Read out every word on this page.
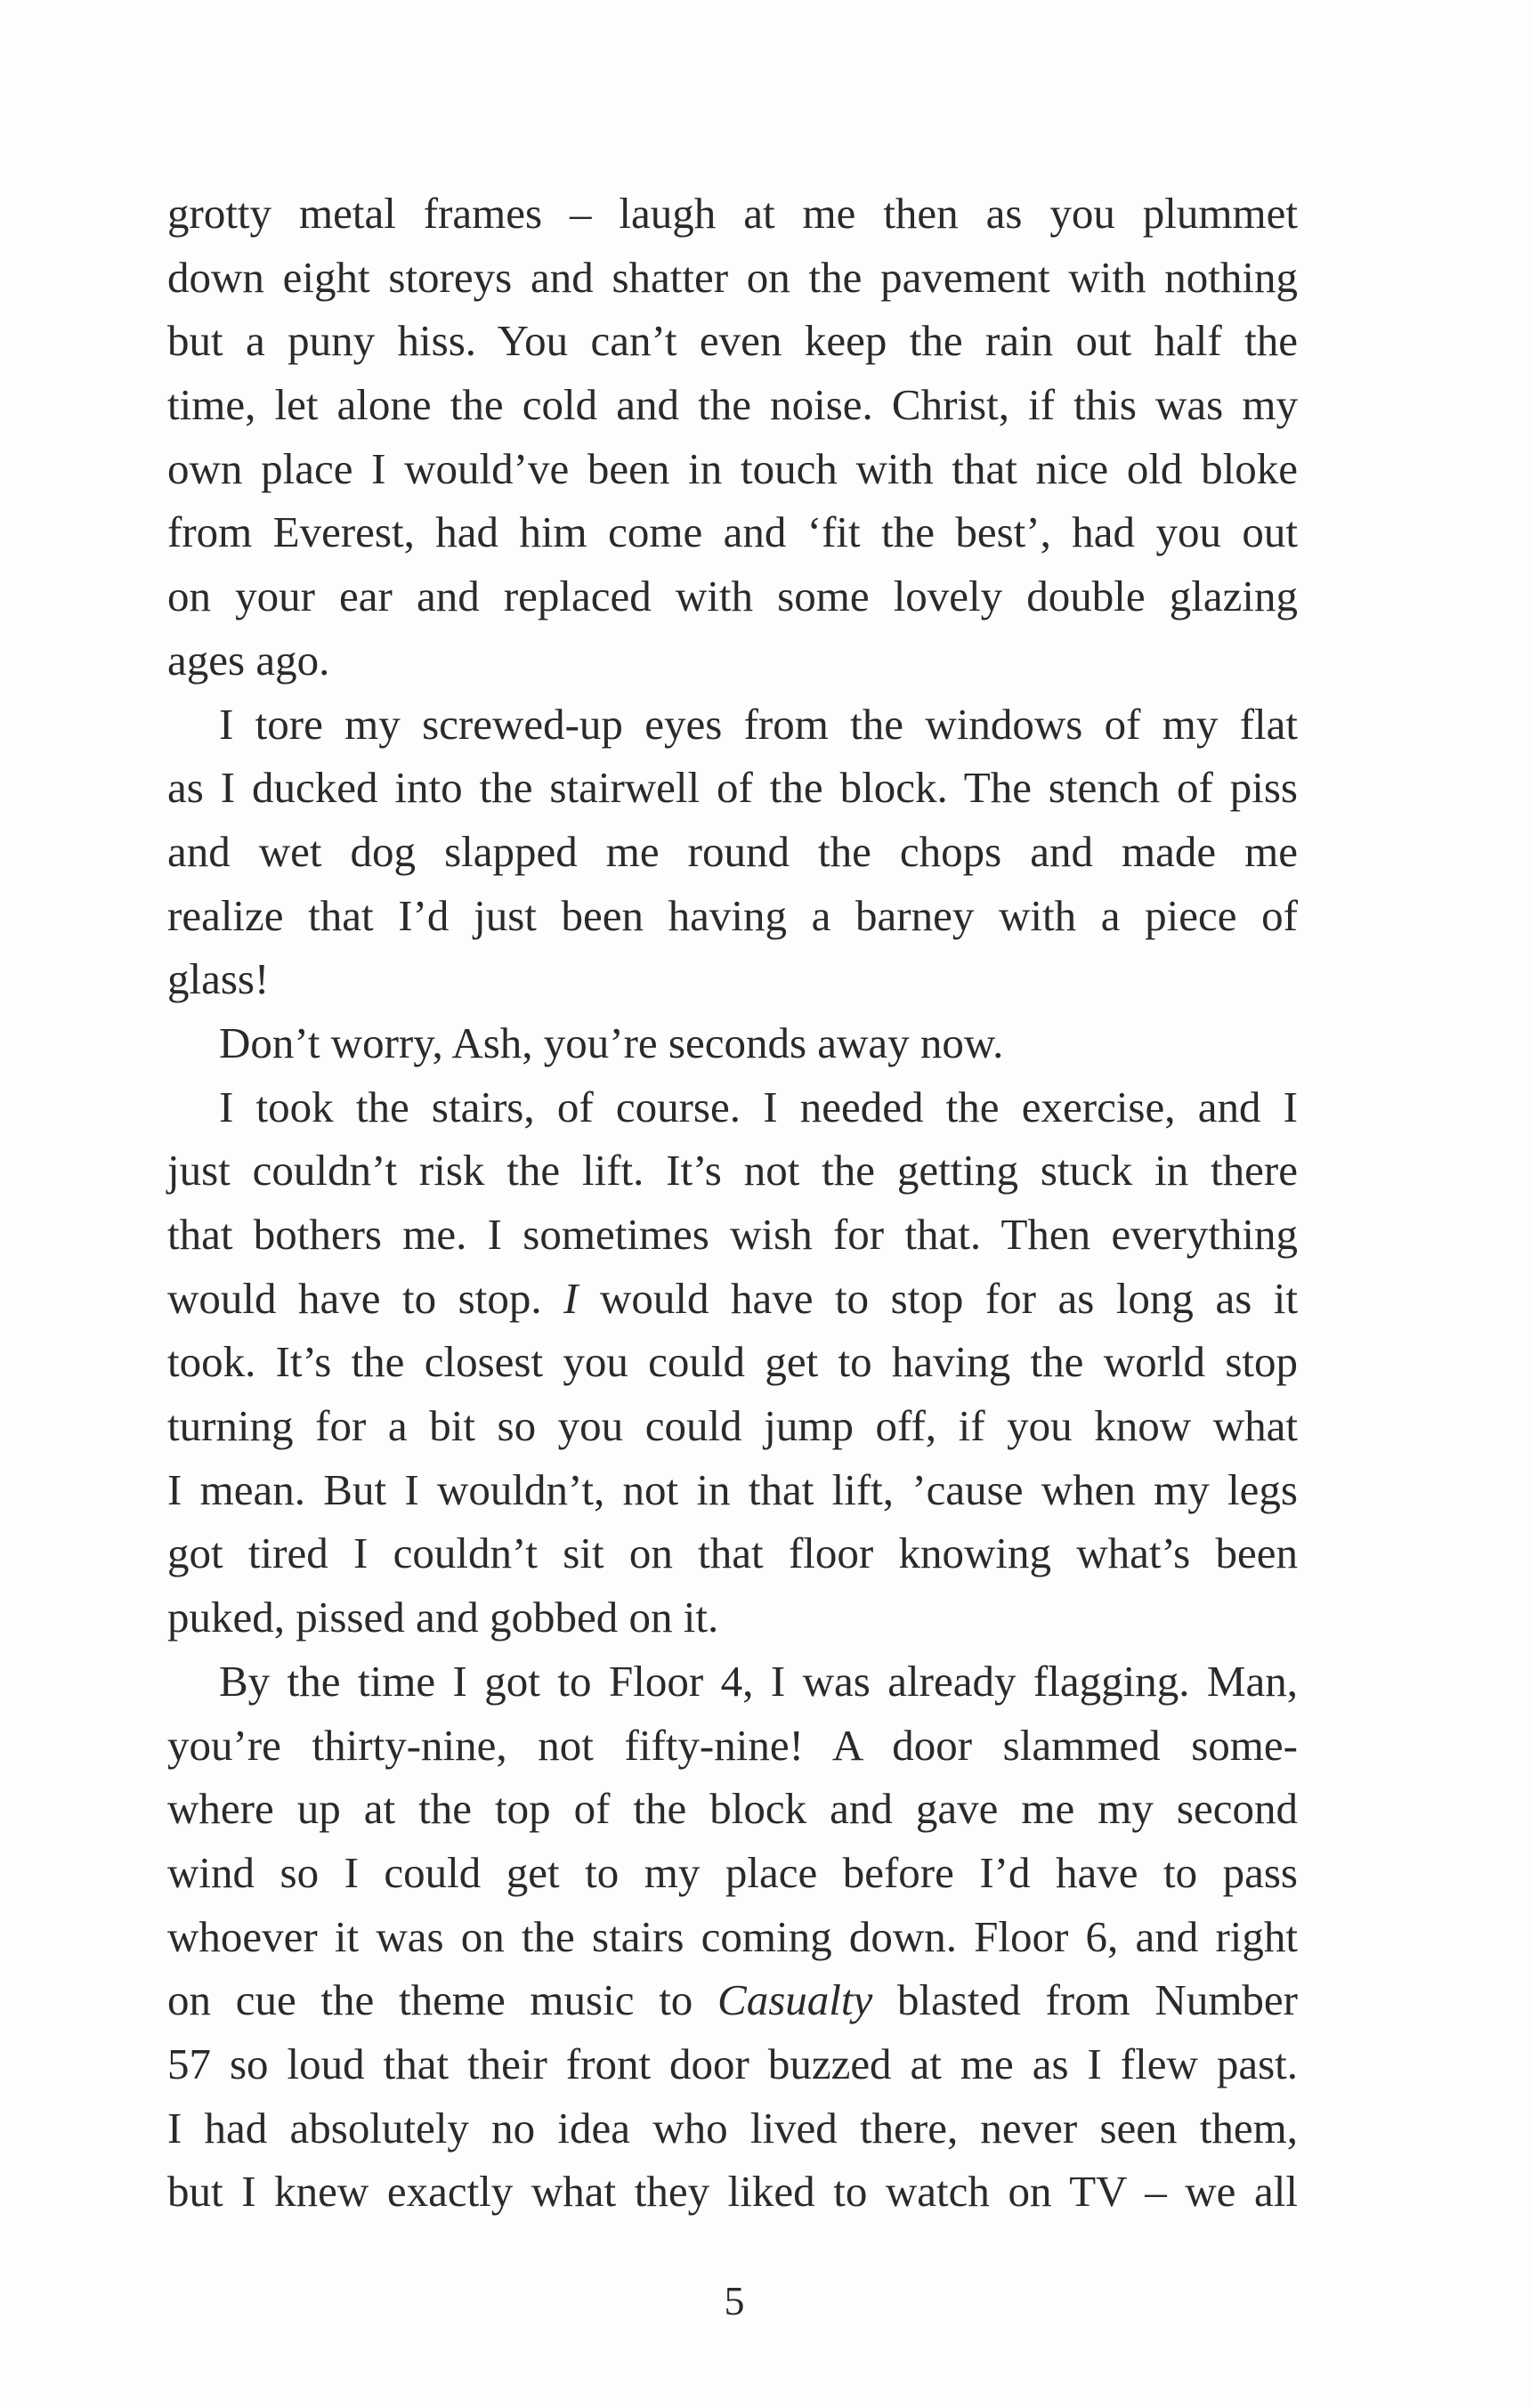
grotty metal frames – laugh at me then as you plummet
down eight storeys and shatter on the pavement with nothing
but a puny hiss. You can’t even keep the rain out half the
time, let alone the cold and the noise. Christ, if this was my
own place I would’ve been in touch with that nice old bloke
from Everest, had him come and ‘fit the best’, had you out
on your ear and replaced with some lovely double glazing
ages ago.
I tore my screwed-up eyes from the windows of my flat
as I ducked into the stairwell of the block. The stench of piss
and wet dog slapped me round the chops and made me
realize that I’d just been having a barney with a piece of
glass!
Don’t worry, Ash, you’re seconds away now.
I took the stairs, of course. I needed the exercise, and I
just couldn’t risk the lift. It’s not the getting stuck in there
that bothers me. I sometimes wish for that. Then everything
would have to stop. I would have to stop for as long as it
took. It’s the closest you could get to having the world stop
turning for a bit so you could jump off, if you know what
I mean. But I wouldn’t, not in that lift, ’cause when my legs
got tired I couldn’t sit on that floor knowing what’s been
puked, pissed and gobbed on it.
By the time I got to Floor 4, I was already flagging. Man,
you’re thirty-nine, not fifty-nine! A door slammed some-
where up at the top of the block and gave me my second
wind so I could get to my place before I’d have to pass
whoever it was on the stairs coming down. Floor 6, and right
on cue the theme music to Casualty blasted from Number
57 so loud that their front door buzzed at me as I flew past.
I had absolutely no idea who lived there, never seen them,
but I knew exactly what they liked to watch on TV – we all
5
